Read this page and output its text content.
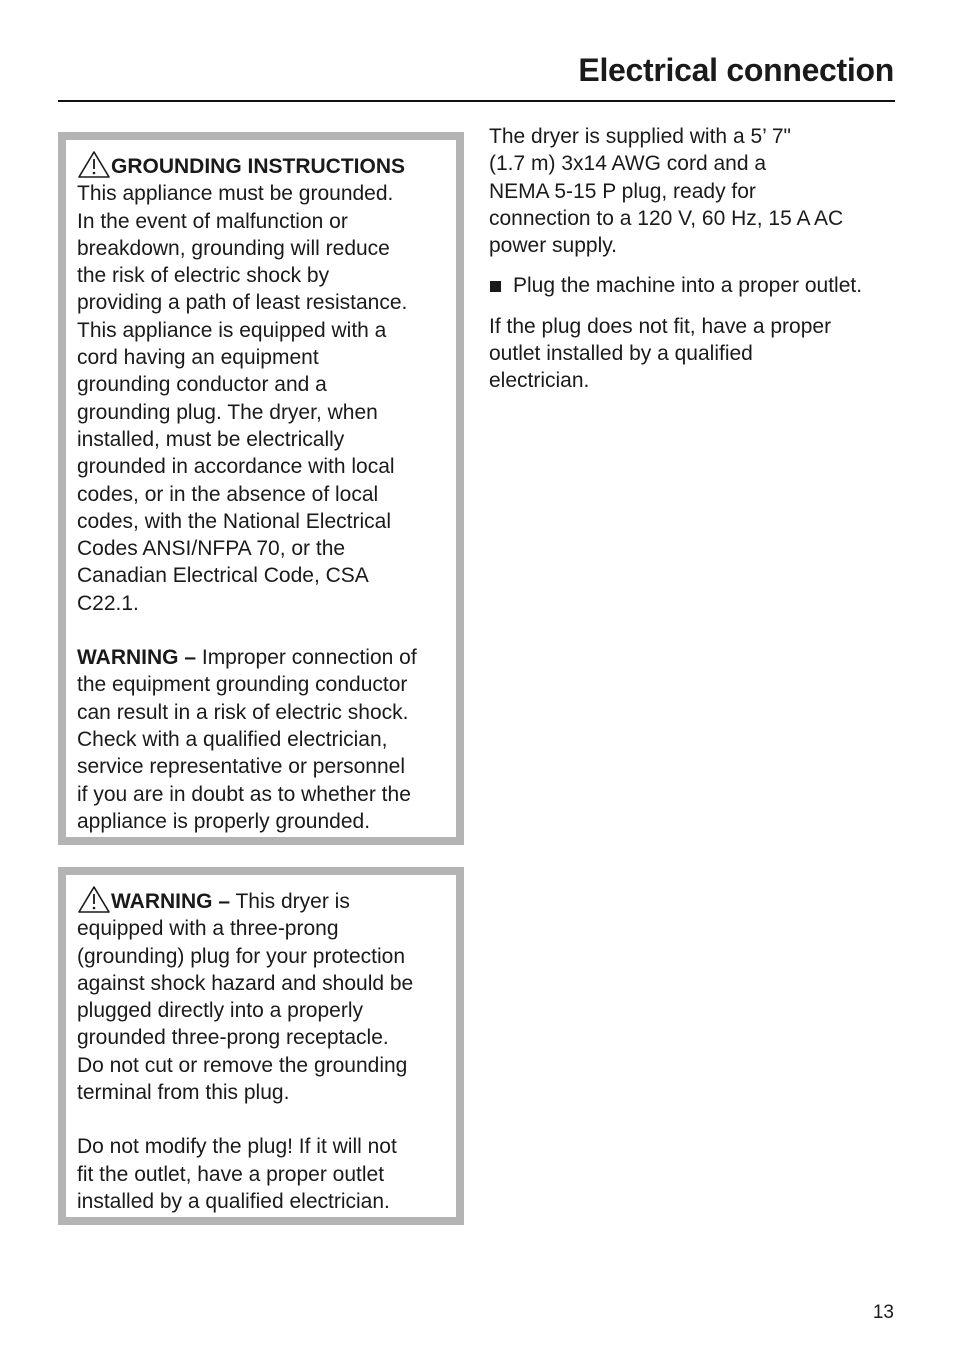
Electrical connection

GROUNDING INSTRUCTIONS
This appliance must be grounded.
In the event of malfunction or
breakdown, grounding will reduce
the risk of electric shock by
providing a path of least resistance.
This appliance is equipped with a
cord having an equipment
grounding conductor and a
grounding plug. The dryer, when
installed, must be electrically
grounded in accordance with local
codes, or in the absence of local
codes, with the National Electrical
Codes ANSI/NFPA 70, or the
Canadian Electrical Code, CSA
C22.1.

WARNING – Improper connection of
the equipment grounding conductor
can result in a risk of electric shock.
Check with a qualified electrician,
service representative or personnel
if you are in doubt as to whether the
appliance is properly grounded.

WARNING – This dryer is
equipped with a three-prong
(grounding) plug for your protection
against shock hazard and should be
plugged directly into a properly
grounded three-prong receptacle.
Do not cut or remove the grounding
terminal from this plug.

Do not modify the plug! If it will not
fit the outlet, have a proper outlet
installed by a qualified electrician.

The dryer is supplied with a 5’ 7"
(1.7 m) 3x14 AWG cord and a
NEMA 5-15 P plug, ready for
connection to a 120 V, 60 Hz, 15 A AC
power supply.

Plug the machine into a proper outlet.

If the plug does not fit, have a proper
outlet installed by a qualified
electrician.

13
